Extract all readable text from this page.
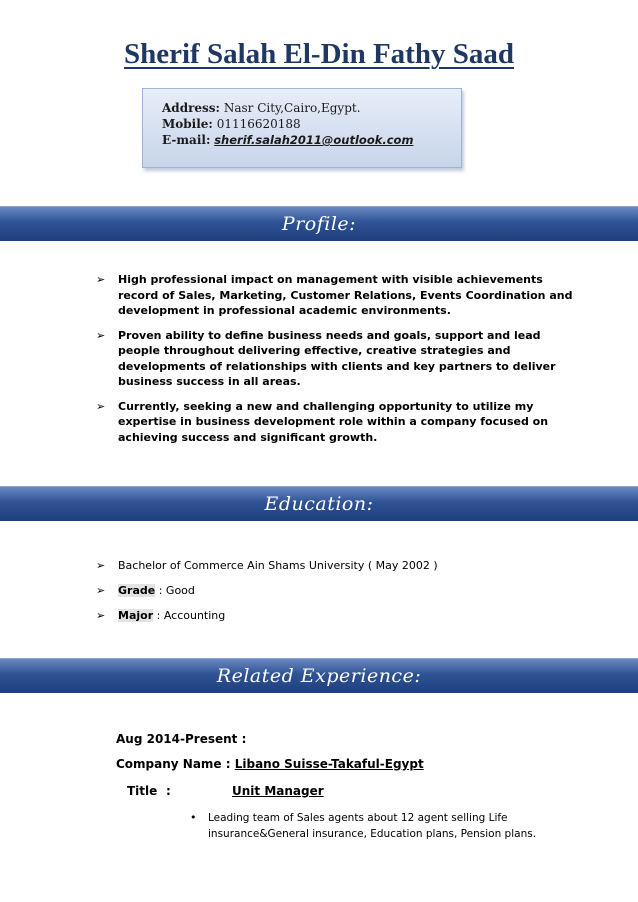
Sherif Salah El-Din Fathy Saad
Address: Nasr City,Cairo,Egypt.
Mobile: 01116620188
E-mail: sherif.salah2011@outlook.com
Profile:
➢ High professional impact on management with visible achievements record of Sales, Marketing, Customer Relations, Events Coordination and development in professional academic environments.
➢ Proven ability to define business needs and goals, support and lead people throughout delivering effective, creative strategies and developments of relationships with clients and key partners to deliver business success in all areas.
➢ Currently, seeking a new and challenging opportunity to utilize my expertise in business development role within a company focused on achieving success and significant growth.
Education:
➢ Bachelor of Commerce Ain Shams University ( May 2002 )
➢ Grade : Good
➢ Major : Accounting
Related Experience:
Aug 2014-Present :
Company Name : Libano Suisse-Takaful-Egypt
Title :	Unit Manager
• Leading team of Sales agents about 12 agent selling Life insurance&General insurance, Education plans, Pension plans.
